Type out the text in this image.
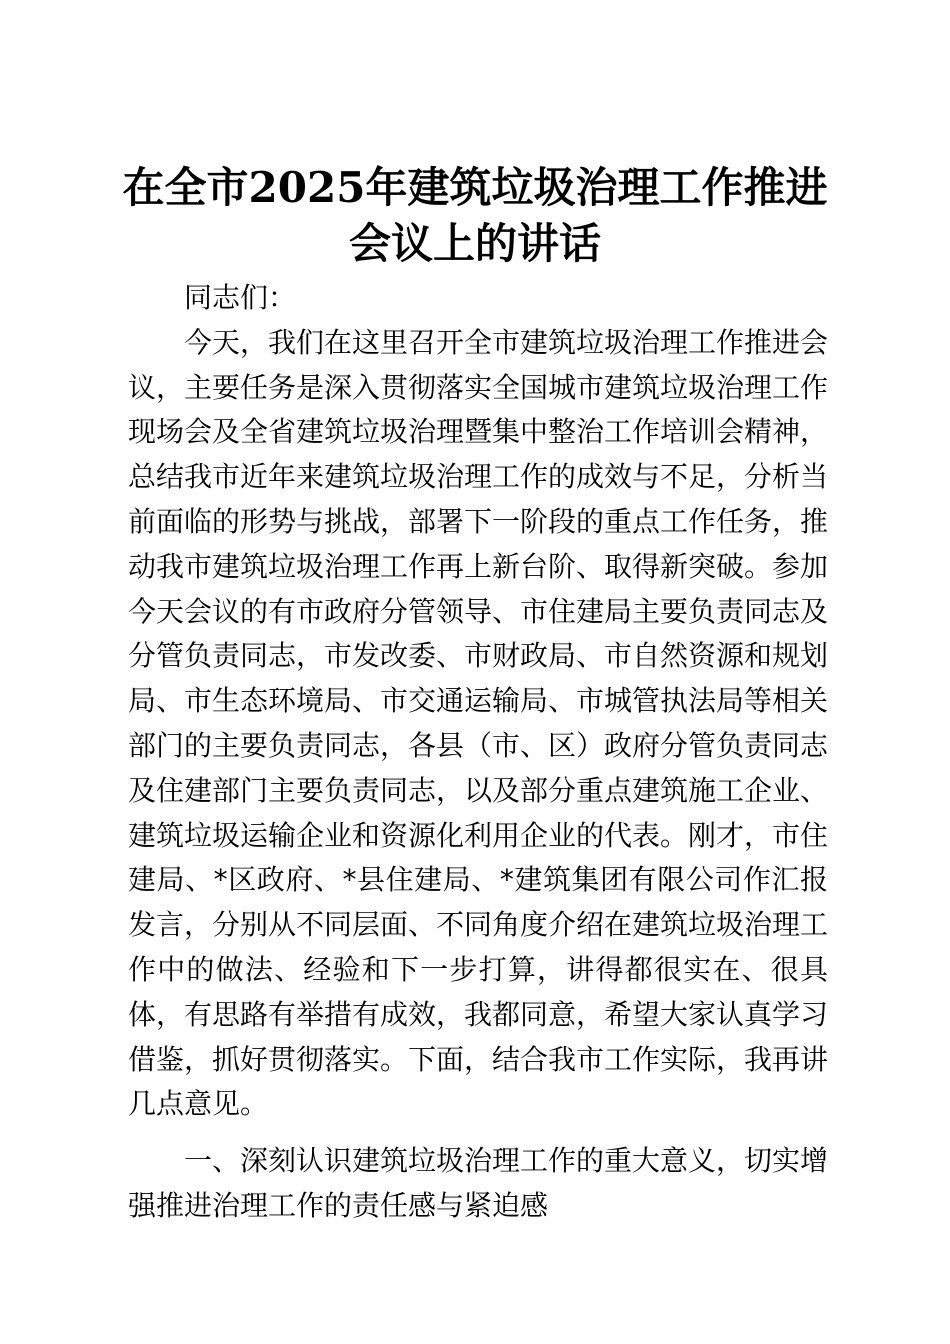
在全市2025年建筑垃圾治理工作推进
会议上的讲话

同志们：

今天，我们在这里召开全市建筑垃圾治理工作推进会议，主要任务是深入贯彻落实全国城市建筑垃圾治理工作现场会及全省建筑垃圾治理暨集中整治工作培训会精神，总结我市近年来建筑垃圾治理工作的成效与不足，分析当前面临的形势与挑战，部署下一阶段的重点工作任务，推动我市建筑垃圾治理工作再上新台阶、取得新突破。参加今天会议的有市政府分管领导、市住建局主要负责同志及分管负责同志，市发改委、市财政局、市自然资源和规划局、市生态环境局、市交通运输局、市城管执法局等相关部门的主要负责同志，各县（市、区）政府分管负责同志及住建部门主要负责同志，以及部分重点建筑施工企业、建筑垃圾运输企业和资源化利用企业的代表。刚才，市住建局、*区政府、*县住建局、*建筑集团有限公司作汇报发言，分别从不同层面、不同角度介绍在建筑垃圾治理工作中的做法、经验和下一步打算，讲得都很实在、很具体，有思路有举措有成效，我都同意，希望大家认真学习借鉴，抓好贯彻落实。下面，结合我市工作实际，我再讲几点意见。

一、深刻认识建筑垃圾治理工作的重大意义，切实增强推进治理工作的责任感与紧迫感
